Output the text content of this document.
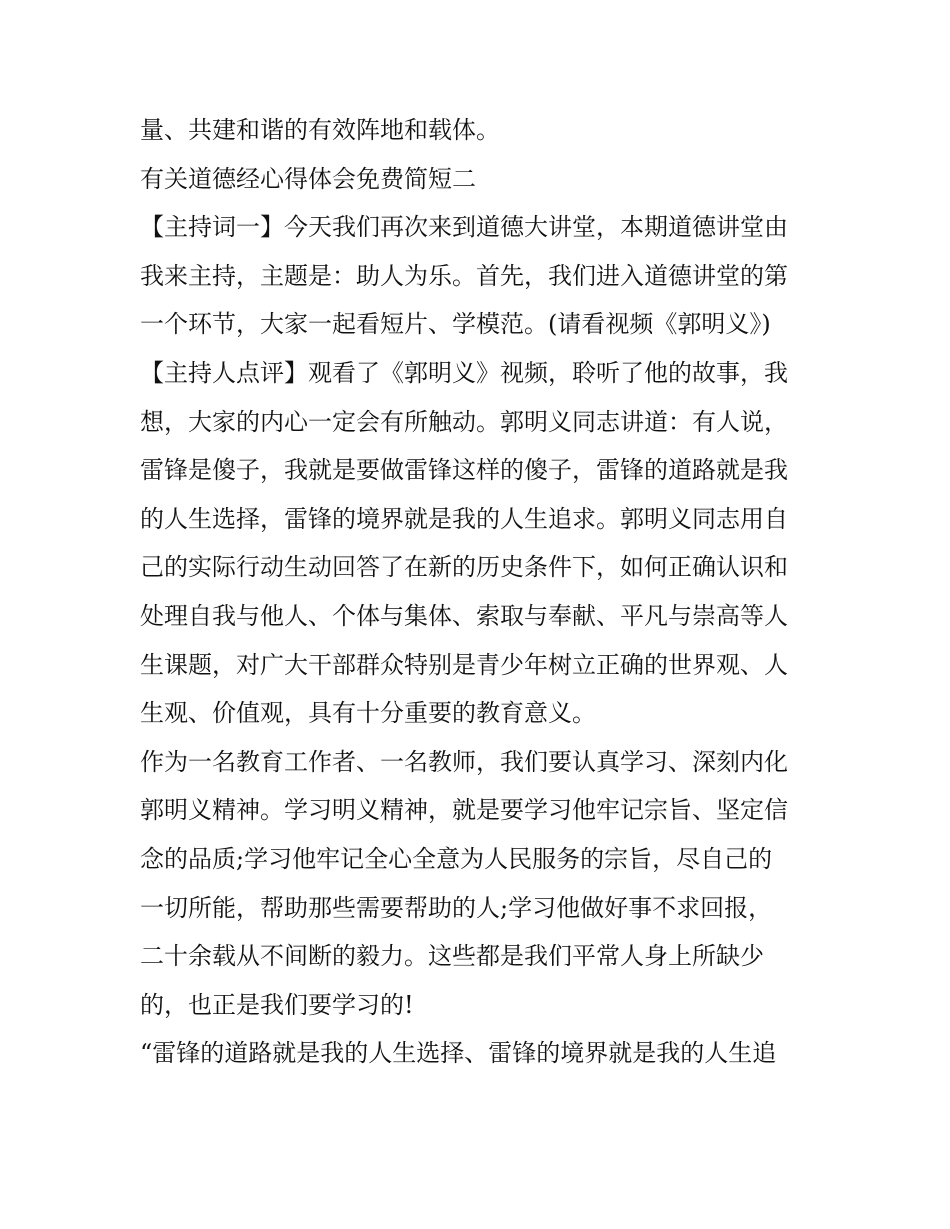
量、共建和谐的有效阵地和载体。
有关道德经心得体会免费简短二
【主持词一】今天我们再次来到道德大讲堂，本期道德讲堂由
我来主持，主题是：助人为乐。首先，我们进入道德讲堂的第
一个环节，大家一起看短片、学模范。(请看视频《郭明义》)
【主持人点评】观看了《郭明义》视频，聆听了他的故事，我
想，大家的内心一定会有所触动。郭明义同志讲道：有人说，
雷锋是傻子，我就是要做雷锋这样的傻子，雷锋的道路就是我
的人生选择，雷锋的境界就是我的人生追求。郭明义同志用自
己的实际行动生动回答了在新的历史条件下，如何正确认识和
处理自我与他人、个体与集体、索取与奉献、平凡与崇高等人
生课题，对广大干部群众特别是青少年树立正确的世界观、人
生观、价值观，具有十分重要的教育意义。
作为一名教育工作者、一名教师，我们要认真学习、深刻内化
郭明义精神。学习明义精神，就是要学习他牢记宗旨、坚定信
念的品质;学习他牢记全心全意为人民服务的宗旨，尽自己的
一切所能，帮助那些需要帮助的人;学习他做好事不求回报，
二十余载从不间断的毅力。这些都是我们平常人身上所缺少
的，也正是我们要学习的!
“雷锋的道路就是我的人生选择、雷锋的境界就是我的人生追
